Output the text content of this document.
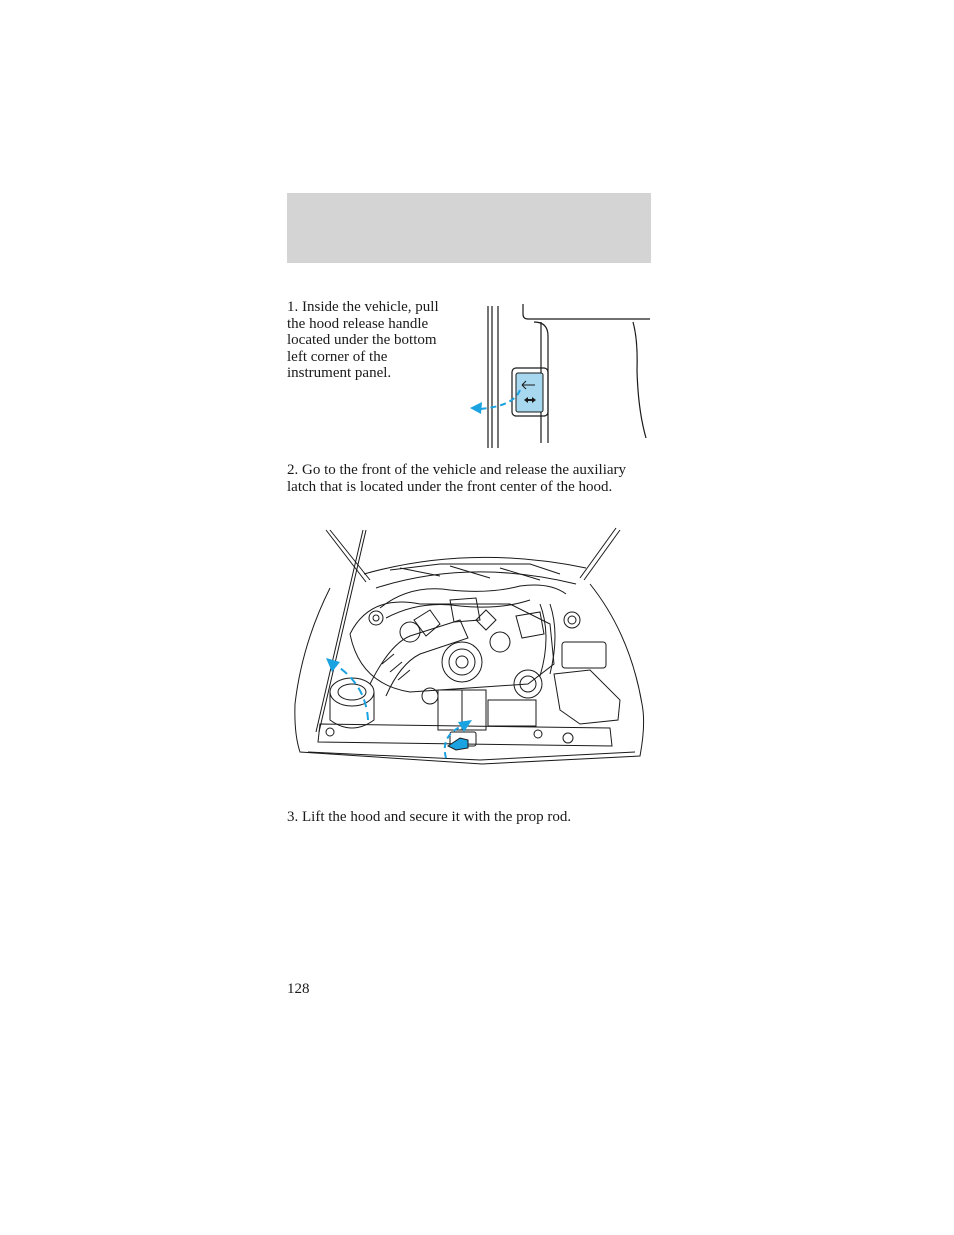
1. Inside the vehicle, pull the hood release handle located under the bottom left corner of the instrument panel.

2. Go to the front of the vehicle and release the auxiliary latch that is located under the front center of the hood.

3. Lift the hood and secure it with the prop rod.

128
